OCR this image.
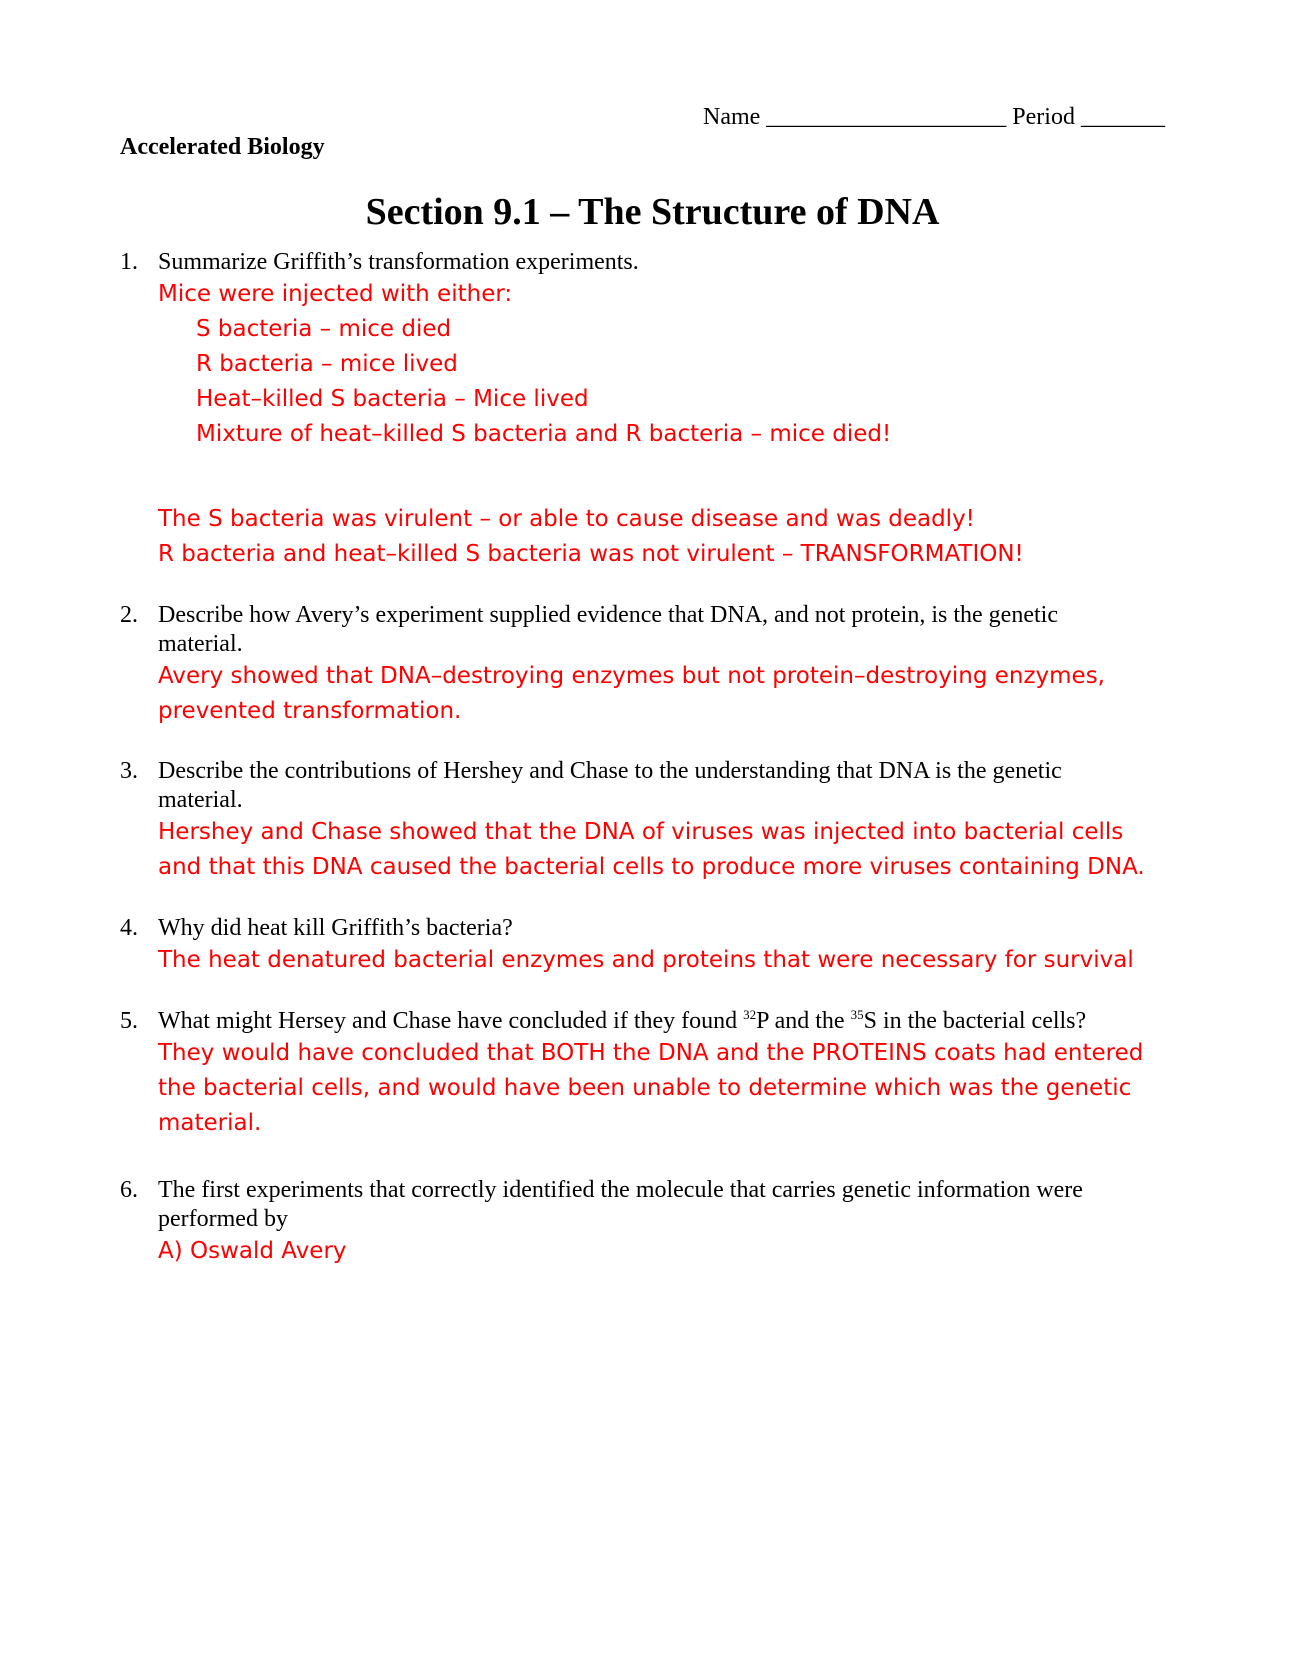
Name ____________________ Period _______
Accelerated Biology
Section 9.1 – The Structure of DNA
1. Summarize Griffith’s transformation experiments.
Mice were injected with either:
S bacteria – mice died
R bacteria – mice lived
Heat–killed S bacteria – Mice lived
Mixture of heat–killed S bacteria and R bacteria – mice died!
The S bacteria was virulent – or able to cause disease and was deadly!
R bacteria and heat–killed S bacteria was not virulent – TRANSFORMATION!
2. Describe how Avery’s experiment supplied evidence that DNA, and not protein, is the genetic material.
Avery showed that DNA–destroying enzymes but not protein–destroying enzymes,
prevented transformation.
3. Describe the contributions of Hershey and Chase to the understanding that DNA is the genetic material.
Hershey and Chase showed that the DNA of viruses was injected into bacterial cells
and that this DNA caused the bacterial cells to produce more viruses containing DNA.
4. Why did heat kill Griffith’s bacteria?
The heat denatured bacterial enzymes and proteins that were necessary for survival
5. What might Hersey and Chase have concluded if they found $^{32}$P and the $^{35}$S in the bacterial cells?
They would have concluded that BOTH the DNA and the PROTEINS coats had entered
the bacterial cells, and would have been unable to determine which was the genetic
material.
6. The first experiments that correctly identified the molecule that carries genetic information were performed by
A) Oswald Avery
